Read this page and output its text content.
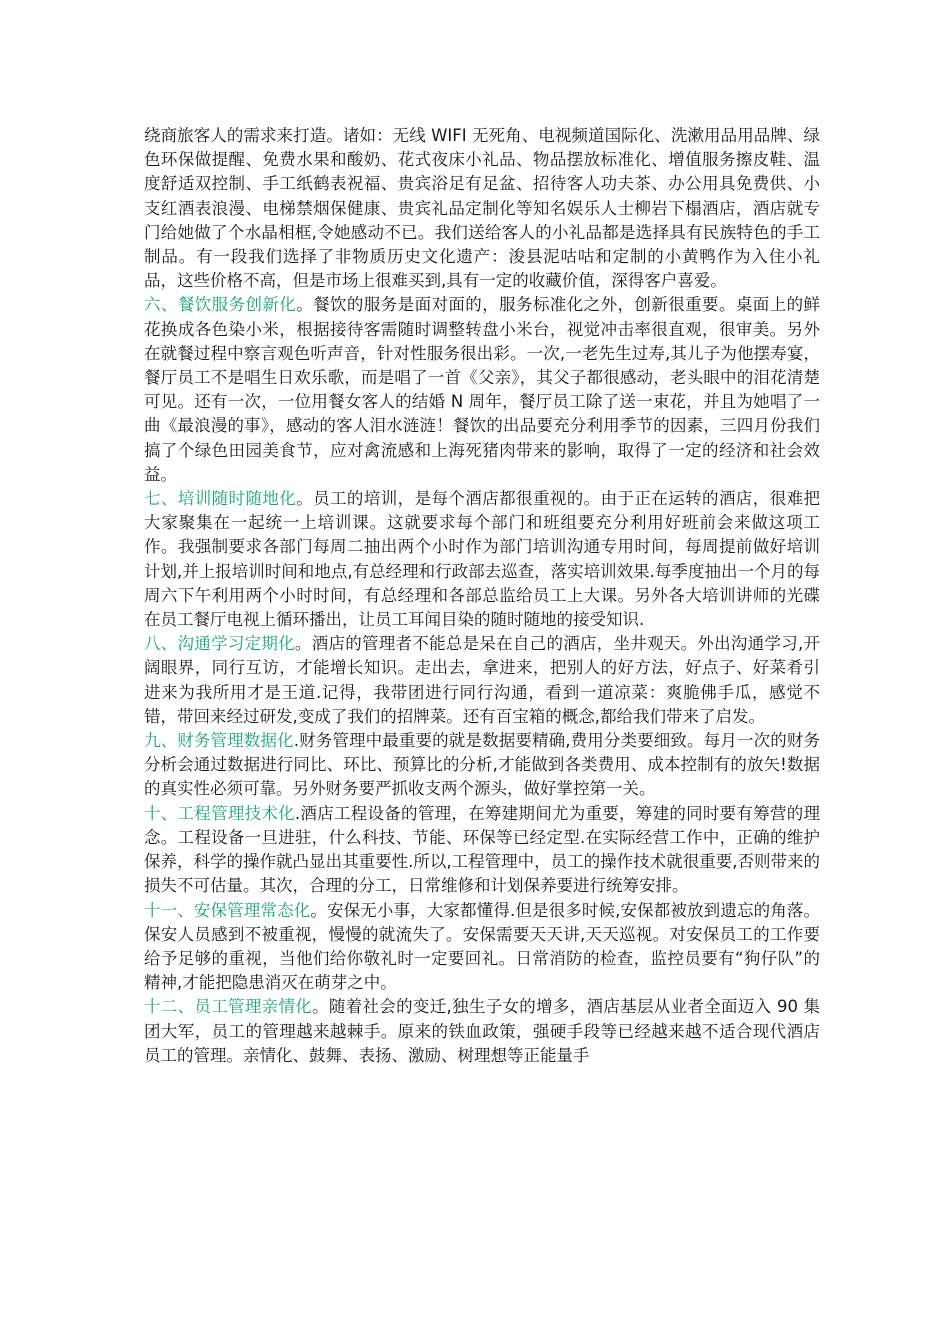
绕商旅客人的需求来打造。诸如：无线 WIFI 无死角、电视频道国际化、洗漱用品用品牌、绿色环保做提醒、免费水果和酸奶、花式夜床小礼品、物品摆放标准化、增值服务擦皮鞋、温度舒适双控制、手工纸鹤表祝福、贵宾浴足有足盆、招待客人功夫茶、办公用具免费供、小支红酒表浪漫、电梯禁烟保健康、贵宾礼品定制化等知名娱乐人士柳岩下榻酒店，酒店就专门给她做了个水晶相框,令她感动不已。我们送给客人的小礼品都是选择具有民族特色的手工制品。有一段我们选择了非物质历史文化遗产：浚县泥咕咕和定制的小黄鸭作为入住小礼品，这些价格不高，但是市场上很难买到,具有一定的收藏价值，深得客户喜爱。

六、餐饮服务创新化。餐饮的服务是面对面的，服务标准化之外，创新很重要。桌面上的鲜花换成各色染小米，根据接待客需随时调整转盘小米台，视觉冲击率很直观，很审美。另外在就餐过程中察言观色听声音，针对性服务很出彩。一次,一老先生过寿,其儿子为他摆寿宴，餐厅员工不是唱生日欢乐歌，而是唱了一首《父亲》，其父子都很感动，老头眼中的泪花清楚可见。还有一次，一位用餐女客人的结婚 N 周年，餐厅员工除了送一束花，并且为她唱了一曲《最浪漫的事》，感动的客人泪水涟涟！餐饮的出品要充分利用季节的因素，三四月份我们搞了个绿色田园美食节，应对禽流感和上海死猪肉带来的影响，取得了一定的经济和社会效益。

七、培训随时随地化。员工的培训，是每个酒店都很重视的。由于正在运转的酒店，很难把大家聚集在一起统一上培训课。这就要求每个部门和班组要充分利用好班前会来做这项工作。我强制要求各部门每周二抽出两个小时作为部门培训沟通专用时间，每周提前做好培训计划,并上报培训时间和地点,有总经理和行政部去巡查，落实培训效果.每季度抽出一个月的每周六下午利用两个小时时间，有总经理和各部总监给员工上大课。另外各大培训讲师的光碟在员工餐厅电视上循环播出，让员工耳闻目染的随时随地的接受知识.

八、沟通学习定期化。酒店的管理者不能总是呆在自己的酒店，坐井观天。外出沟通学习,开阔眼界，同行互访，才能增长知识。走出去，拿进来，把别人的好方法，好点子、好菜肴引进来为我所用才是王道.记得，我带团进行同行沟通，看到一道凉菜：爽脆佛手瓜，感觉不错，带回来经过研发,变成了我们的招牌菜。还有百宝箱的概念,都给我们带来了启发。

九、财务管理数据化.财务管理中最重要的就是数据要精确,费用分类要细致。每月一次的财务分析会通过数据进行同比、环比、预算比的分析,才能做到各类费用、成本控制有的放矢!数据的真实性必须可靠。另外财务要严抓收支两个源头，做好掌控第一关。

十、工程管理技术化.酒店工程设备的管理，在筹建期间尤为重要，筹建的同时要有筹营的理念。工程设备一旦进驻，什么科技、节能、环保等已经定型.在实际经营工作中，正确的维护保养，科学的操作就凸显出其重要性.所以,工程管理中，员工的操作技术就很重要,否则带来的损失不可估量。其次，合理的分工，日常维修和计划保养要进行统筹安排。

十一、安保管理常态化。安保无小事，大家都懂得.但是很多时候,安保都被放到遗忘的角落。保安人员感到不被重视，慢慢的就流失了。安保需要天天讲,天天巡视。对安保员工的工作要给予足够的重视，当他们给你敬礼时一定要回礼。日常消防的检查，监控员要有“狗仔队”的精神,才能把隐患消灭在萌芽之中。

十二、员工管理亲情化。随着社会的变迁,独生子女的增多，酒店基层从业者全面迈入 90 集团大军，员工的管理越来越棘手。原来的铁血政策，强硬手段等已经越来越不适合现代酒店员工的管理。亲情化、鼓舞、表扬、激励、树理想等正能量手
